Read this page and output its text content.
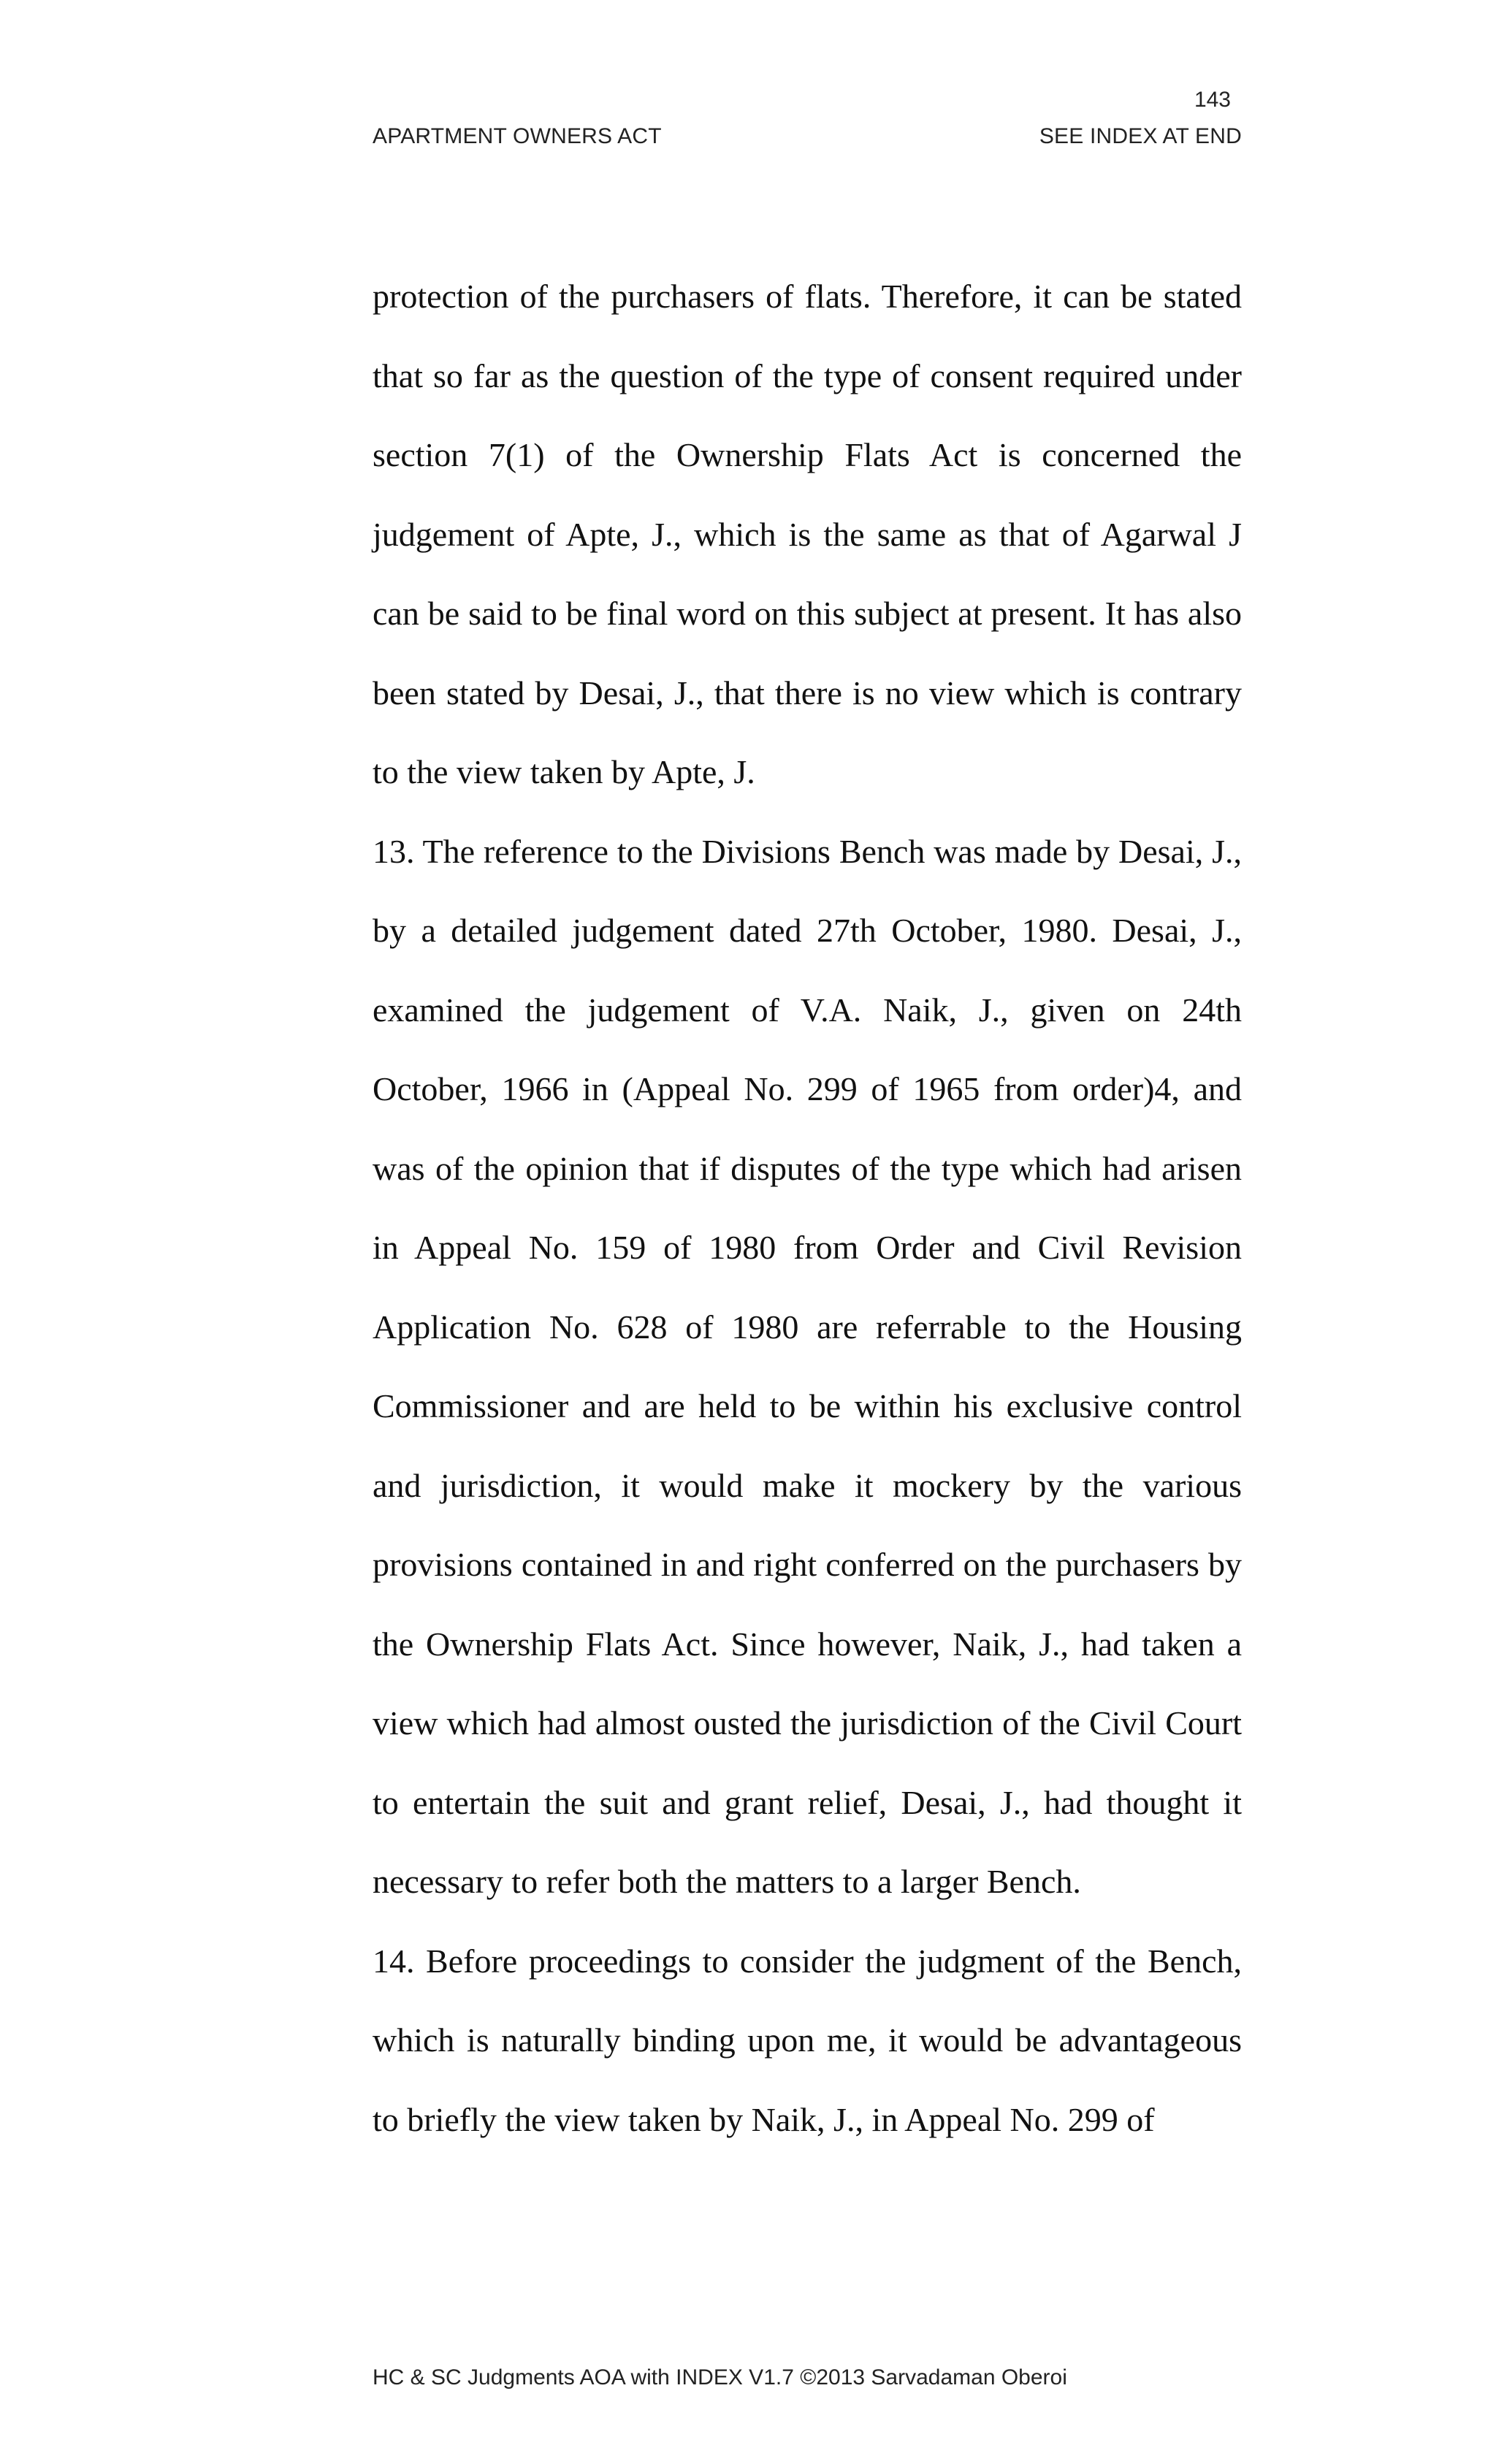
143
APARTMENT OWNERS ACT	SEE INDEX AT END

protection of the purchasers of flats. Therefore, it can be stated that so far as the question of the type of consent required under section 7(1) of the Ownership Flats Act is concerned the judgement of Apte, J., which is the same as that of Agarwal J can be said to be final word on this subject at present. It has also been stated by Desai, J., that there is no view which is contrary to the view taken by Apte, J.

13. The reference to the Divisions Bench was made by Desai, J., by a detailed judgement dated 27th October, 1980. Desai, J., examined the judgement of V.A. Naik, J., given on 24th October, 1966 in (Appeal No. 299 of 1965 from order)4, and was of the opinion that if disputes of the type which had arisen in Appeal No. 159 of 1980 from Order and Civil Revision Application No. 628 of 1980 are referrable to the Housing Commissioner and are held to be within his exclusive control and jurisdiction, it would make it mockery by the various provisions contained in and right conferred on the purchasers by the Ownership Flats Act. Since however, Naik, J., had taken a view which had almost ousted the jurisdiction of the Civil Court to entertain the suit and grant relief, Desai, J., had thought it necessary to refer both the matters to a larger Bench.

14. Before proceedings to consider the judgment of the Bench, which is naturally binding upon me, it would be advantageous to briefly the view taken by Naik, J., in Appeal No. 299 of

HC & SC Judgments AOA with INDEX V1.7 ©2013 Sarvadaman Oberoi
